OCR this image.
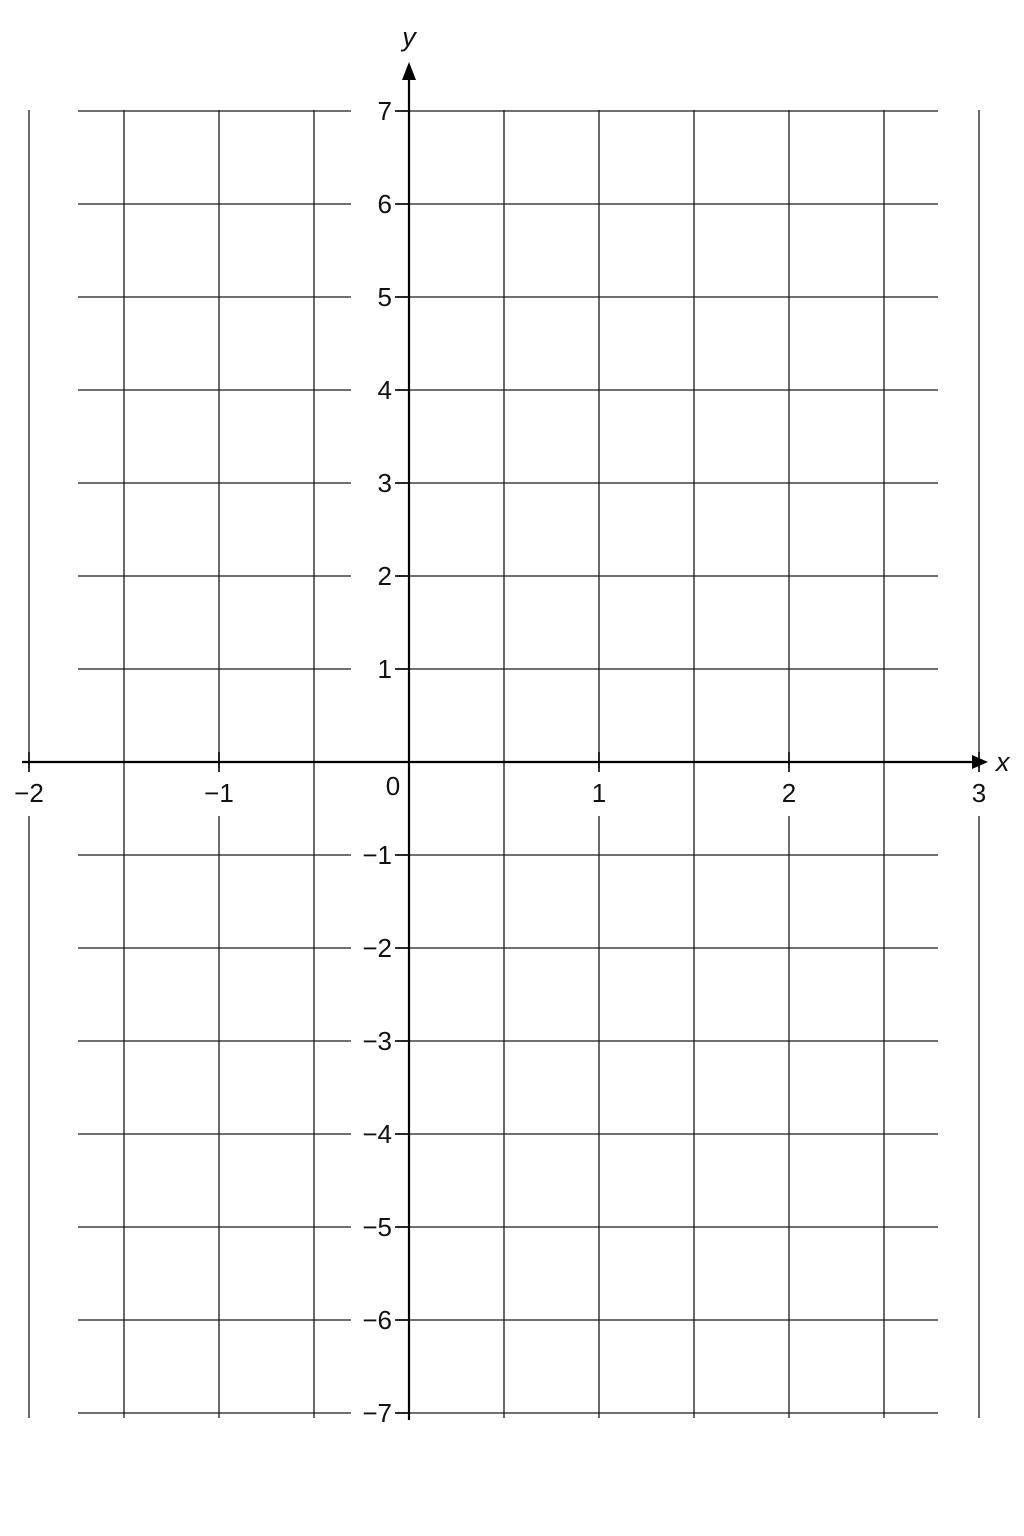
−2	−1	1	2	3
−7
−6
−5
−4
−3
−2
−1
1
2
3
4
5
6
7
x
y
0
